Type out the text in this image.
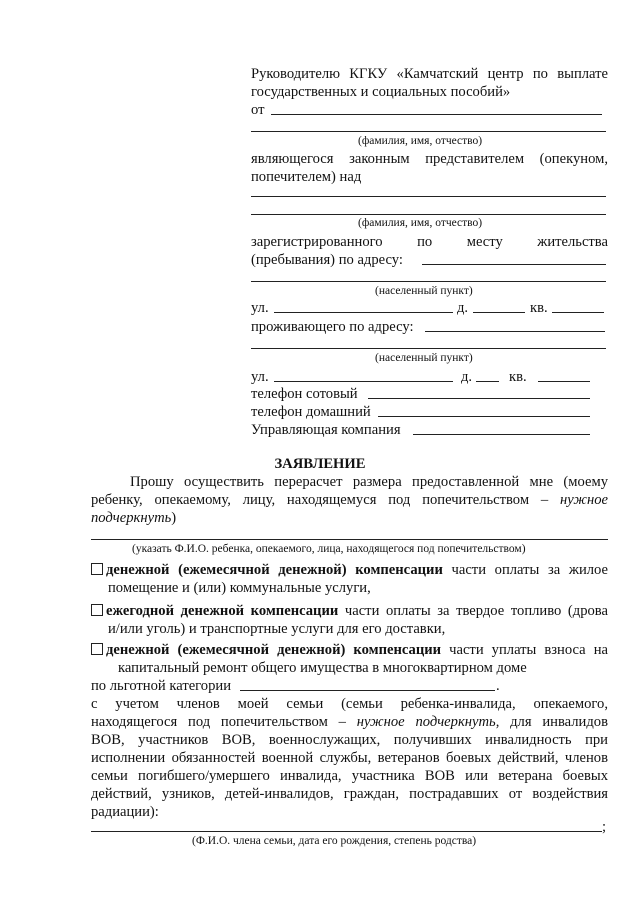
Руководителю КГКУ «Камчатский центр по выплате
государственных и социальных пособий»
от
(фамилия, имя, отчество)
являющегося законным представителем (опекуном,
попечителем) над
(фамилия, имя, отчество)
зарегистрированного по месту жительства
(пребывания) по адресу:
(населенный пункт)
ул.	д.	кв.
проживающего по адресу:
(населенный пункт)
ул.	д.	кв.
телефон сотовый
телефон домашний
Управляющая компания
ЗАЯВЛЕНИЕ
Прошу осуществить перерасчет размера предоставленной мне (моему
ребенку, опекаемому, лицу, находящемуся под попечительством – нужное
подчеркнуть)
(указать Ф.И.О. ребенка, опекаемого, лица, находящегося под попечительством)
денежной (ежемесячной денежной) компенсации части оплаты за жилое
помещение и (или) коммунальные услуги,
ежегодной денежной компенсации части оплаты за твердое топливо (дрова
и/или уголь) и транспортные услуги для его доставки,
денежной (ежемесячной денежной) компенсации части уплаты взноса на
капитальный ремонт общего имущества в многоквартирном доме
по льготной категории	.
с учетом членов моей семьи (семьи ребенка-инвалида, опекаемого,
находящегося под попечительством – нужное подчеркнуть, для инвалидов
ВОВ, участников ВОВ, военнослужащих, получивших инвалидность при
исполнении обязанностей военной службы, ветеранов боевых действий, членов
семьи погибшего/умершего инвалида, участника ВОВ или ветерана боевых
действий, узников, детей-инвалидов, граждан, пострадавших от воздействия
радиации):
;
(Ф.И.О. члена семьи, дата его рождения, степень родства)
